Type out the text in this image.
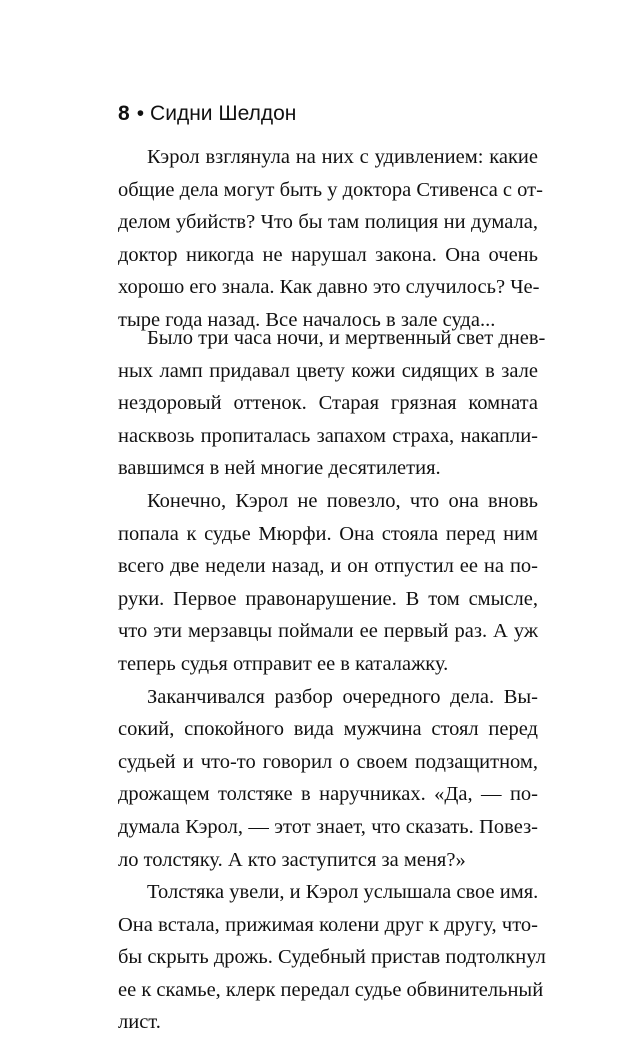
8 • Сидни Шелдон
Кэрол взглянула на них с удивлением: какие
общие дела могут быть у доктора Стивенса с от-
делом убийств? Что бы там полиция ни думала,
доктор никогда не нарушал закона. Она очень
хорошо его знала. Как давно это случилось? Че-
тыре года назад. Все началось в зале суда...
Было три часа ночи, и мертвенный свет днев-
ных ламп придавал цвету кожи сидящих в зале
нездоровый оттенок. Старая грязная комната
насквозь пропиталась запахом страха, накапли-
вавшимся в ней многие десятилетия.
Конечно, Кэрол не повезло, что она вновь
попала к судье Мюрфи. Она стояла перед ним
всего две недели назад, и он отпустил ее на по-
руки. Первое правонарушение. В том смысле,
что эти мерзавцы поймали ее первый раз. А уж
теперь судья отправит ее в каталажку.
Заканчивался разбор очередного дела. Вы-
сокий, спокойного вида мужчина стоял перед
судьей и что-то говорил о своем подзащитном,
дрожащем толстяке в наручниках. «Да, — по-
думала Кэрол, — этот знает, что сказать. Повез-
ло толстяку. А кто заступится за меня?»
Толстяка увели, и Кэрол услышала свое имя.
Она встала, прижимая колени друг к другу, что-
бы скрыть дрожь. Судебный пристав подтолкнул
ее к скамье, клерк передал судье обвинительный
лист.
